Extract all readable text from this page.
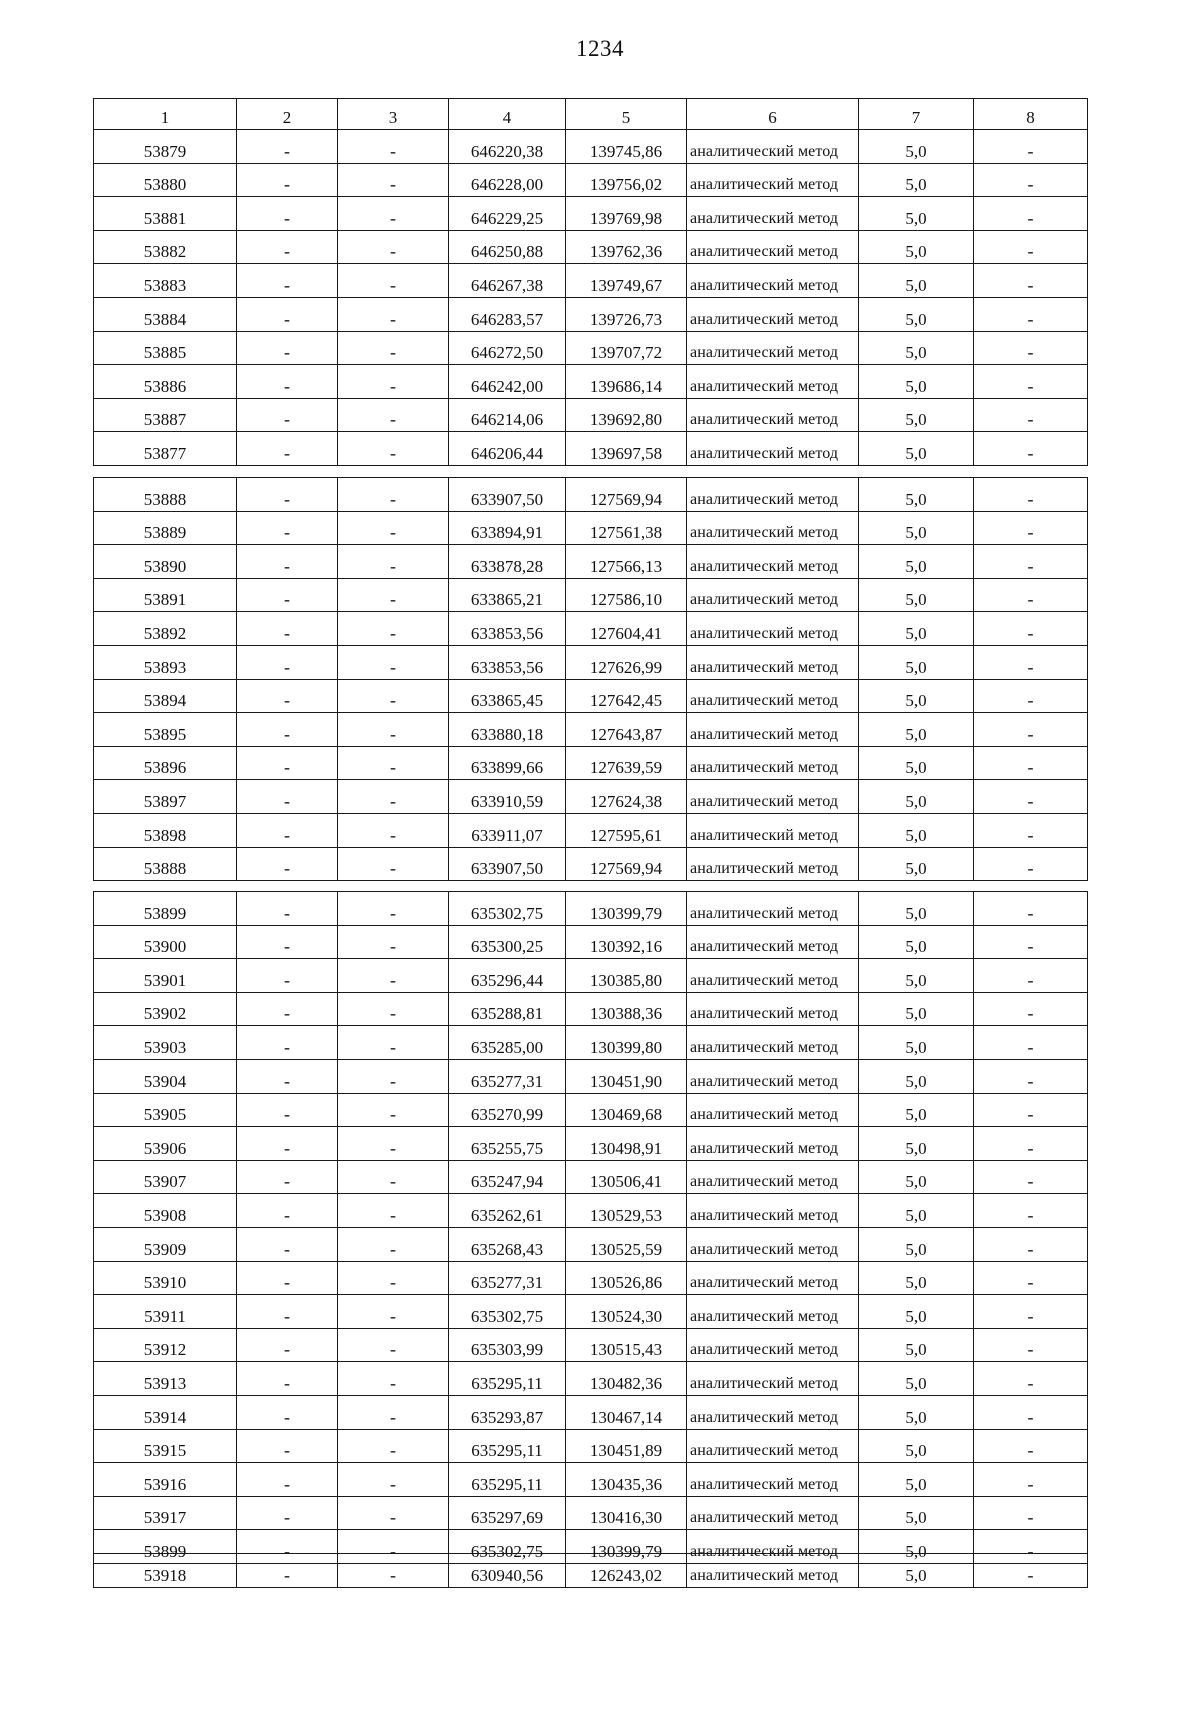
1234
1	2	3	4	5	6	7	8
53879	-	-	646220,38	139745,86	аналитический метод	5,0	-
53880	-	-	646228,00	139756,02	аналитический метод	5,0	-
53881	-	-	646229,25	139769,98	аналитический метод	5,0	-
53882	-	-	646250,88	139762,36	аналитический метод	5,0	-
53883	-	-	646267,38	139749,67	аналитический метод	5,0	-
53884	-	-	646283,57	139726,73	аналитический метод	5,0	-
53885	-	-	646272,50	139707,72	аналитический метод	5,0	-
53886	-	-	646242,00	139686,14	аналитический метод	5,0	-
53887	-	-	646214,06	139692,80	аналитический метод	5,0	-
53877	-	-	646206,44	139697,58	аналитический метод	5,0	-
53888	-	-	633907,50	127569,94	аналитический метод	5,0	-
53889	-	-	633894,91	127561,38	аналитический метод	5,0	-
53890	-	-	633878,28	127566,13	аналитический метод	5,0	-
53891	-	-	633865,21	127586,10	аналитический метод	5,0	-
53892	-	-	633853,56	127604,41	аналитический метод	5,0	-
53893	-	-	633853,56	127626,99	аналитический метод	5,0	-
53894	-	-	633865,45	127642,45	аналитический метод	5,0	-
53895	-	-	633880,18	127643,87	аналитический метод	5,0	-
53896	-	-	633899,66	127639,59	аналитический метод	5,0	-
53897	-	-	633910,59	127624,38	аналитический метод	5,0	-
53898	-	-	633911,07	127595,61	аналитический метод	5,0	-
53888	-	-	633907,50	127569,94	аналитический метод	5,0	-
53899	-	-	635302,75	130399,79	аналитический метод	5,0	-
53900	-	-	635300,25	130392,16	аналитический метод	5,0	-
53901	-	-	635296,44	130385,80	аналитический метод	5,0	-
53902	-	-	635288,81	130388,36	аналитический метод	5,0	-
53903	-	-	635285,00	130399,80	аналитический метод	5,0	-
53904	-	-	635277,31	130451,90	аналитический метод	5,0	-
53905	-	-	635270,99	130469,68	аналитический метод	5,0	-
53906	-	-	635255,75	130498,91	аналитический метод	5,0	-
53907	-	-	635247,94	130506,41	аналитический метод	5,0	-
53908	-	-	635262,61	130529,53	аналитический метод	5,0	-
53909	-	-	635268,43	130525,59	аналитический метод	5,0	-
53910	-	-	635277,31	130526,86	аналитический метод	5,0	-
53911	-	-	635302,75	130524,30	аналитический метод	5,0	-
53912	-	-	635303,99	130515,43	аналитический метод	5,0	-
53913	-	-	635295,11	130482,36	аналитический метод	5,0	-
53914	-	-	635293,87	130467,14	аналитический метод	5,0	-
53915	-	-	635295,11	130451,89	аналитический метод	5,0	-
53916	-	-	635295,11	130435,36	аналитический метод	5,0	-
53917	-	-	635297,69	130416,30	аналитический метод	5,0	-
53899	-	-	635302,75	130399,79	аналитический метод	5,0	-
53918	-	-	630940,56	126243,02	аналитический метод	5,0	-
